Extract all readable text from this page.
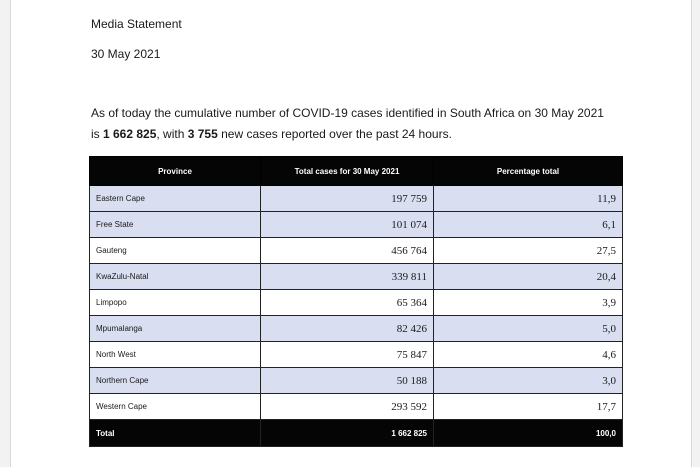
Media Statement
30 May 2021
As of today the cumulative number of COVID-19 cases identified in South Africa on 30 May 2021 is 1 662 825, with 3 755 new cases reported over the past 24 hours.
Province	Total cases for 30 May 2021	Percentage total
Eastern Cape	197 759	11,9
Free State	101 074	6,1
Gauteng	456 764	27,5
KwaZulu-Natal	339 811	20,4
Limpopo	65 364	3,9
Mpumalanga	82 426	5,0
North West	75 847	4,6
Northern Cape	50 188	3,0
Western Cape	293 592	17,7
Total	1 662 825	100,0
